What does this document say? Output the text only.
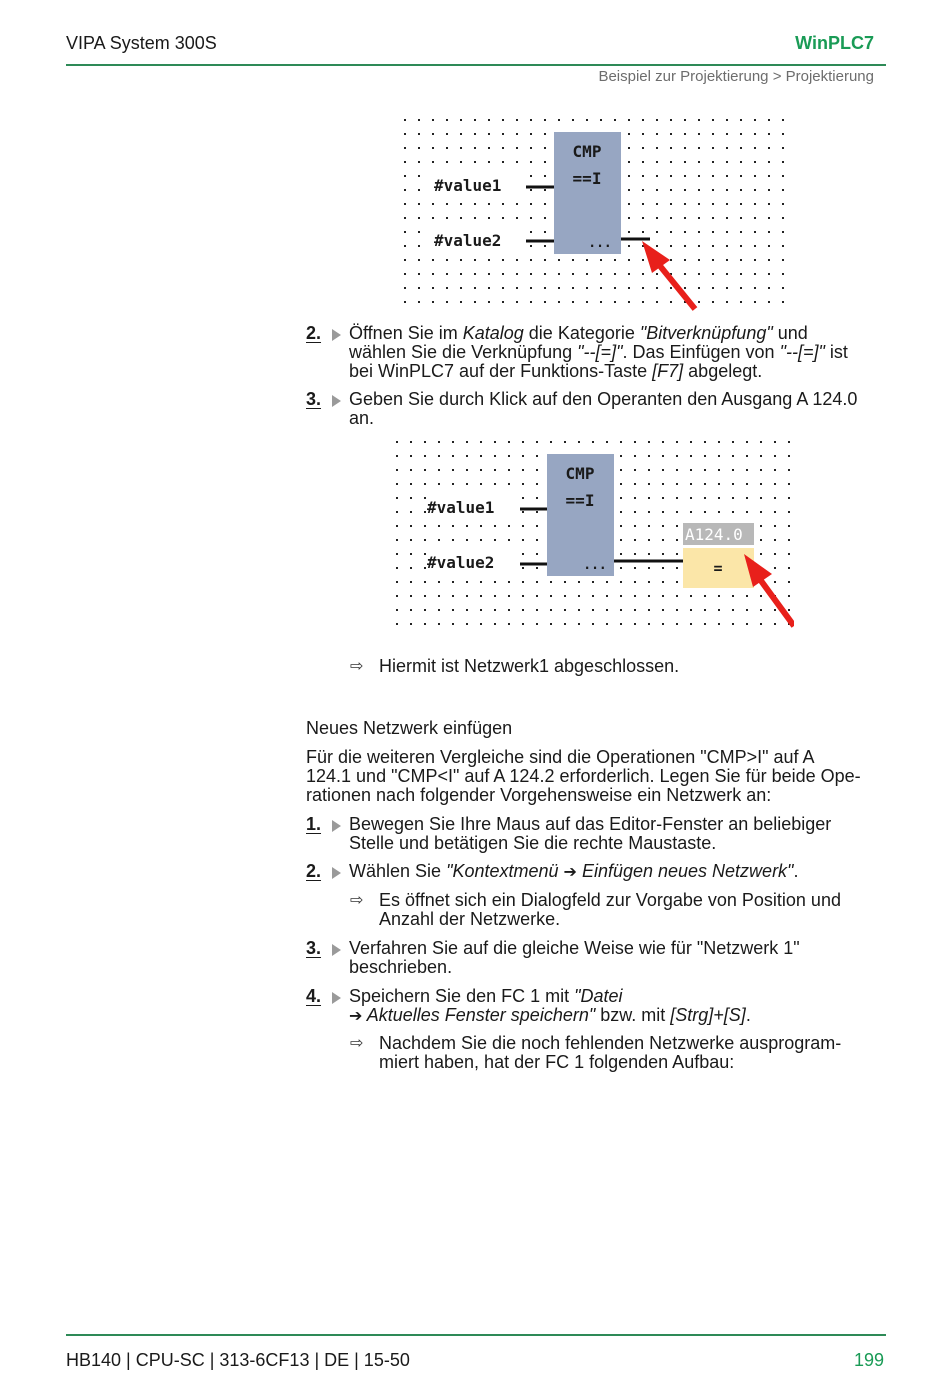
VIPA System 300S	WinPLC7
Beispiel zur Projektierung > Projektierung
CMP
==I
...
#value1
#value2
2.	Öffnen Sie im Katalog die Kategorie "Bitverknüpfung" und
wählen Sie die Verknüpfung "--[=]". Das Einfügen von "--[=]" ist
bei WinPLC7 auf der Funktions-Taste [F7] abgelegt.
3.	Geben Sie durch Klick auf den Operanten den Ausgang A 124.0
an.
CMP
==I
...
#value1
#value2
A124.0
=
⇨ Hiermit ist Netzwerk1 abgeschlossen.
Neues Netzwerk einfügen
Für die weiteren Vergleiche sind die Operationen "CMP>I" auf A
124.1 und "CMP<I" auf A 124.2 erforderlich. Legen Sie für beide Ope-
rationen nach folgender Vorgehensweise ein Netzwerk an:
1.	Bewegen Sie Ihre Maus auf das Editor-Fenster an beliebiger
Stelle und betätigen Sie die rechte Maustaste.
2.	Wählen Sie "Kontextmenü ➔ Einfügen neues Netzwerk".
⇨ Es öffnet sich ein Dialogfeld zur Vorgabe von Position und
Anzahl der Netzwerke.
3.	Verfahren Sie auf die gleiche Weise wie für "Netzwerk 1"
beschrieben.
4.	Speichern Sie den FC 1 mit "Datei
➔ Aktuelles Fenster speichern" bzw. mit [Strg]+[S].
⇨ Nachdem Sie die noch fehlenden Netzwerke ausprogram-
miert haben, hat der FC 1 folgenden Aufbau:
HB140 | CPU-SC | 313-6CF13 | DE | 15-50	199
